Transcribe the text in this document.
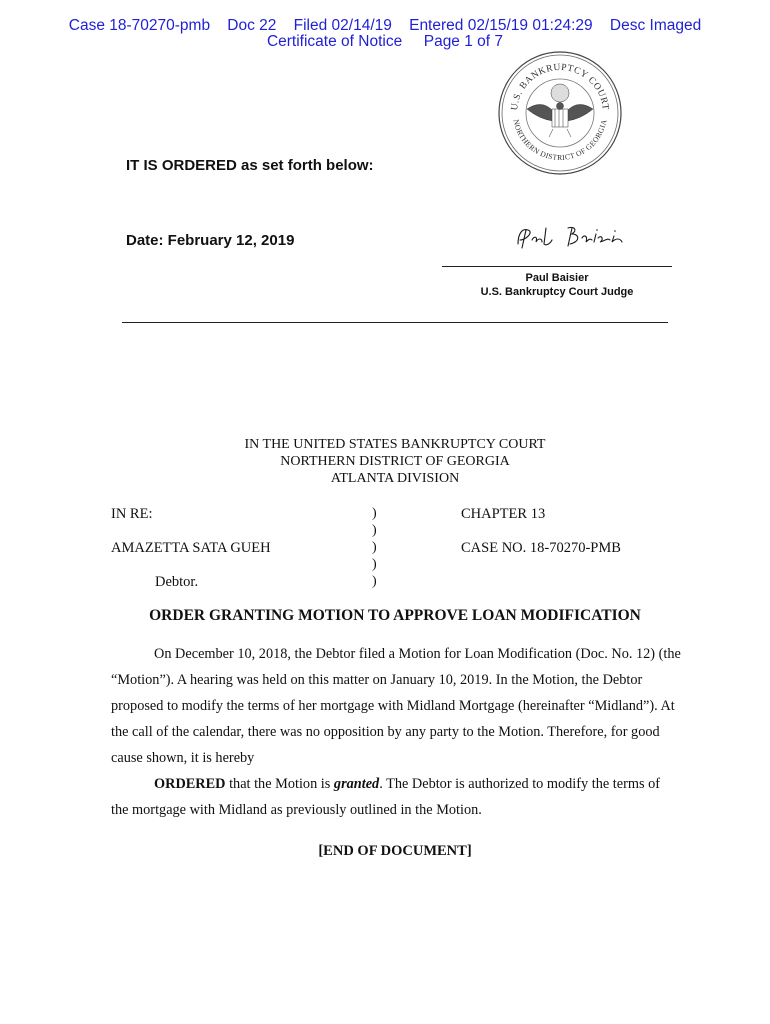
Case 18-70270-pmb    Doc 22    Filed 02/14/19    Entered 02/15/19 01:24:29    Desc Imaged
Certificate of Notice     Page 1 of 7
U.S. BANKRUPTCY COURT
NORTHERN DISTRICT OF GEORGIA
IT IS ORDERED as set forth below:
Date: February 12, 2019
Paul Baisier
U.S. Bankruptcy Court Judge
IN THE UNITED STATES BANKRUPTCY COURT
NORTHERN DISTRICT OF GEORGIA
ATLANTA DIVISION
IN RE:
AMAZETTA SATA GUEH
Debtor.
)
)
)
)
)
CHAPTER 13
CASE NO. 18-70270-PMB
ORDER GRANTING MOTION TO APPROVE LOAN MODIFICATION

On December 10, 2018, the Debtor filed a Motion for Loan Modification (Doc. No. 12) (the “Motion”). A hearing was held on this matter on January 10, 2019. In the Motion, the Debtor proposed to modify the terms of her mortgage with Midland Mortgage (hereinafter “Midland”). At the call of the calendar, there was no opposition by any party to the Motion. Therefore, for good cause shown, it is hereby

ORDERED that the Motion is granted. The Debtor is authorized to modify the terms of the mortgage with Midland as previously outlined in the Motion.

[END OF DOCUMENT]
